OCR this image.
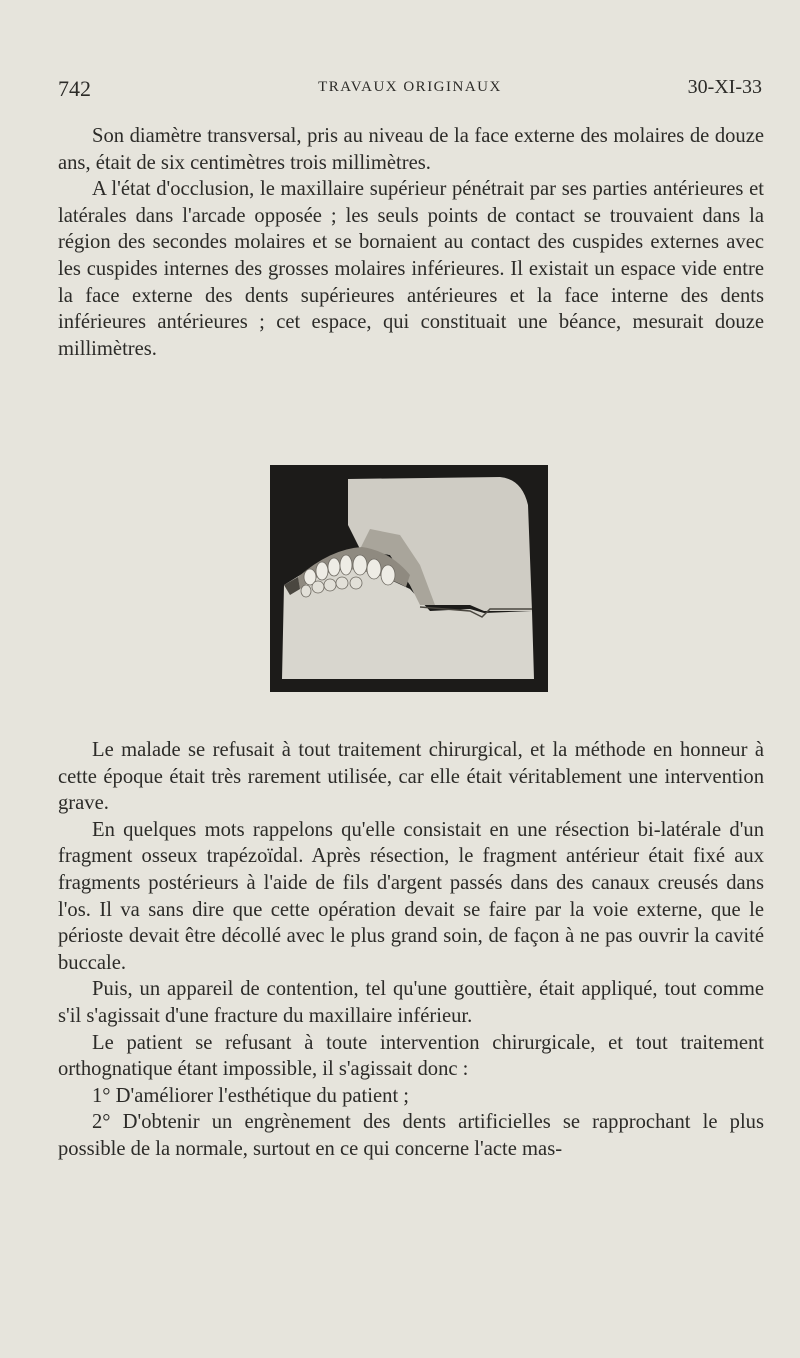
742	TRAVAUX ORIGINAUX	30-XI-33

Son diamètre transversal, pris au niveau de la face externe des molaires de douze ans, était de six centimètres trois millimètres.

A l'état d'occlusion, le maxillaire supérieur pénétrait par ses parties antérieures et latérales dans l'arcade opposée ; les seuls points de contact se trouvaient dans la région des secondes molaires et se bornaient au contact des cuspides externes avec les cuspides internes des grosses molaires inférieures. Il existait un espace vide entre la face externe des dents supérieures antérieures et la face interne des dents inférieures antérieures ; cet espace, qui constituait une béance, mesurait douze millimètres.

Le malade se refusait à tout traitement chirurgical, et la méthode en honneur à cette époque était très rarement utilisée, car elle était véritablement une intervention grave.

En quelques mots rappelons qu'elle consistait en une résection bi-latérale d'un fragment osseux trapézoïdal. Après résection, le fragment antérieur était fixé aux fragments postérieurs à l'aide de fils d'argent passés dans des canaux creusés dans l'os. Il va sans dire que cette opération devait se faire par la voie externe, que le périoste devait être décollé avec le plus grand soin, de façon à ne pas ouvrir la cavité buccale.

Puis, un appareil de contention, tel qu'une gouttière, était appliqué, tout comme s'il s'agissait d'une fracture du maxillaire inférieur.

Le patient se refusant à toute intervention chirurgicale, et tout traitement orthognatique étant impossible, il s'agissait donc :

1° D'améliorer l'esthétique du patient ;

2° D'obtenir un engrènement des dents artificielles se rapprochant le plus possible de la normale, surtout en ce qui concerne l'acte mas-
